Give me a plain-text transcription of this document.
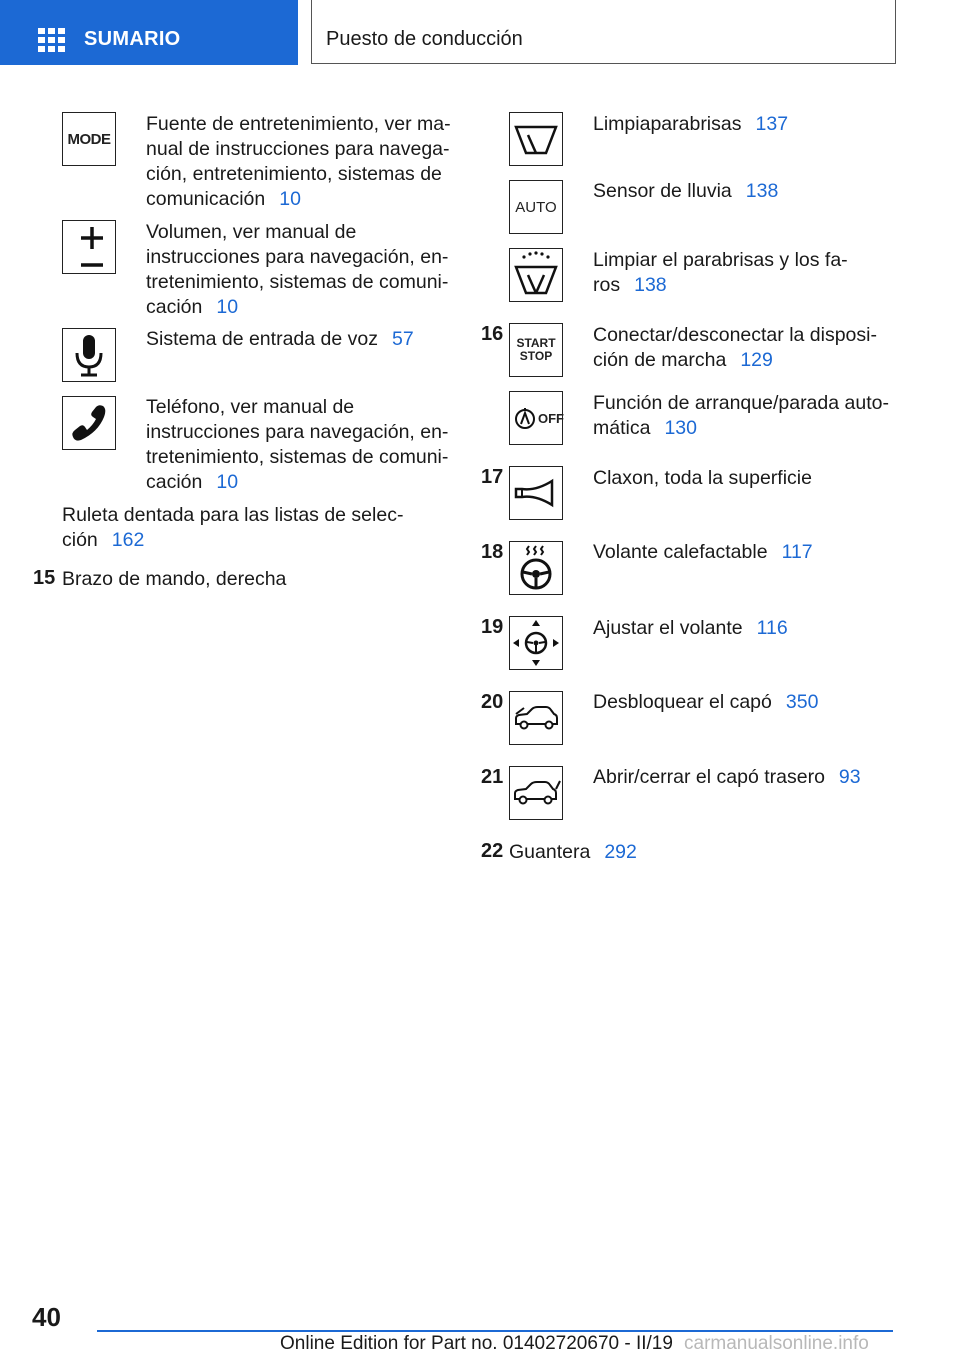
SUMARIO	Puesto de conducción
MODE
Fuente de entretenimiento, ver ma-
nual de instrucciones para navega-
ción, entretenimiento, sistemas de
comunicación 10
Volumen, ver manual de
instrucciones para navegación, en-
tretenimiento, sistemas de comuni-
cación 10
Sistema de entrada de voz 57
Teléfono, ver manual de
instrucciones para navegación, en-
tretenimiento, sistemas de comuni-
cación 10
Ruleta dentada para las listas de selec-
ción 162
15 Brazo de mando, derecha
Limpiaparabrisas 137
AUTO
Sensor de lluvia 138
Limpiar el parabrisas y los fa-
ros 138
16 START
STOP
Conectar/desconectar la disposi-
ción de marcha 129
OFF
Función de arranque/parada auto-
mática 130
17	Claxon, toda la superficie
18	Volante calefactable 117
19	Ajustar el volante 116
20	Desbloquear el capó 350
21	Abrir/cerrar el capó trasero 93
22 Guantera 292
40
Online Edition for Part no. 01402720670 - II/19 carmanualsonline.info
